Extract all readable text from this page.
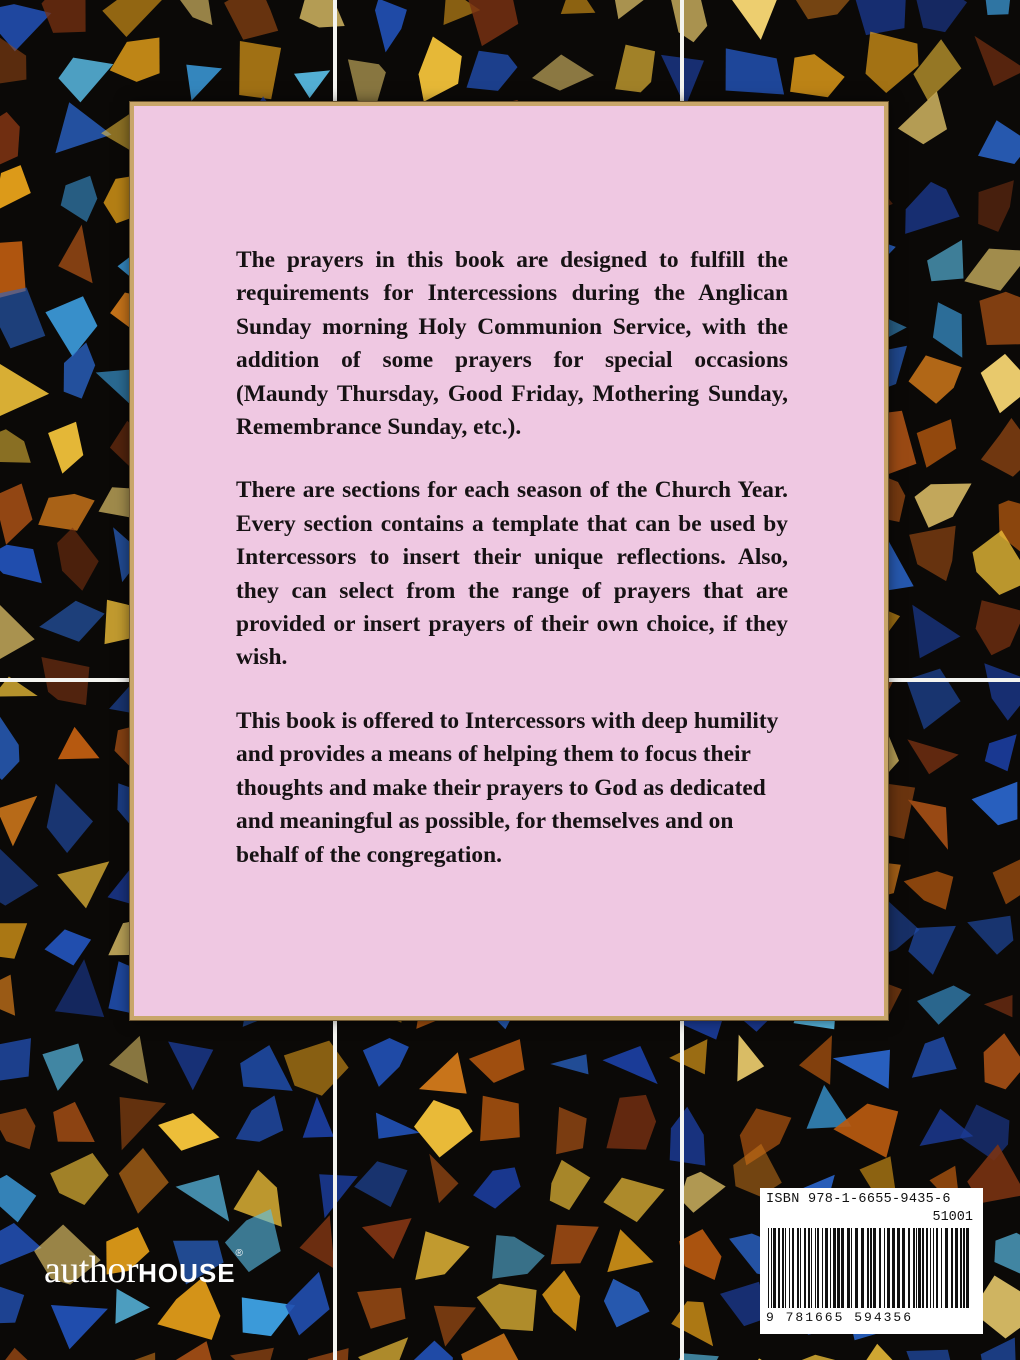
The prayers in this book are designed to fulfill the requirements for Intercessions during the Anglican Sunday morning Holy Communion Service, with the addition of some prayers for special occasions (Maundy Thursday, Good Friday, Mothering Sunday, Remembrance Sunday, etc.).

There are sections for each season of the Church Year. Every section contains a template that can be used by Intercessors to insert their unique reflections. Also, they can select from the range of prayers that are provided or insert prayers of their own choice, if they wish.

This book is offered to Intercessors with deep humility and provides a means of helping them to focus their thoughts and make their prayers to God as dedicated and meaningful as possible, for themselves and on behalf of the congregation.

authorHOUSE®
ISBN 978-1-6655-9435-6
51001
9 781665 594356
